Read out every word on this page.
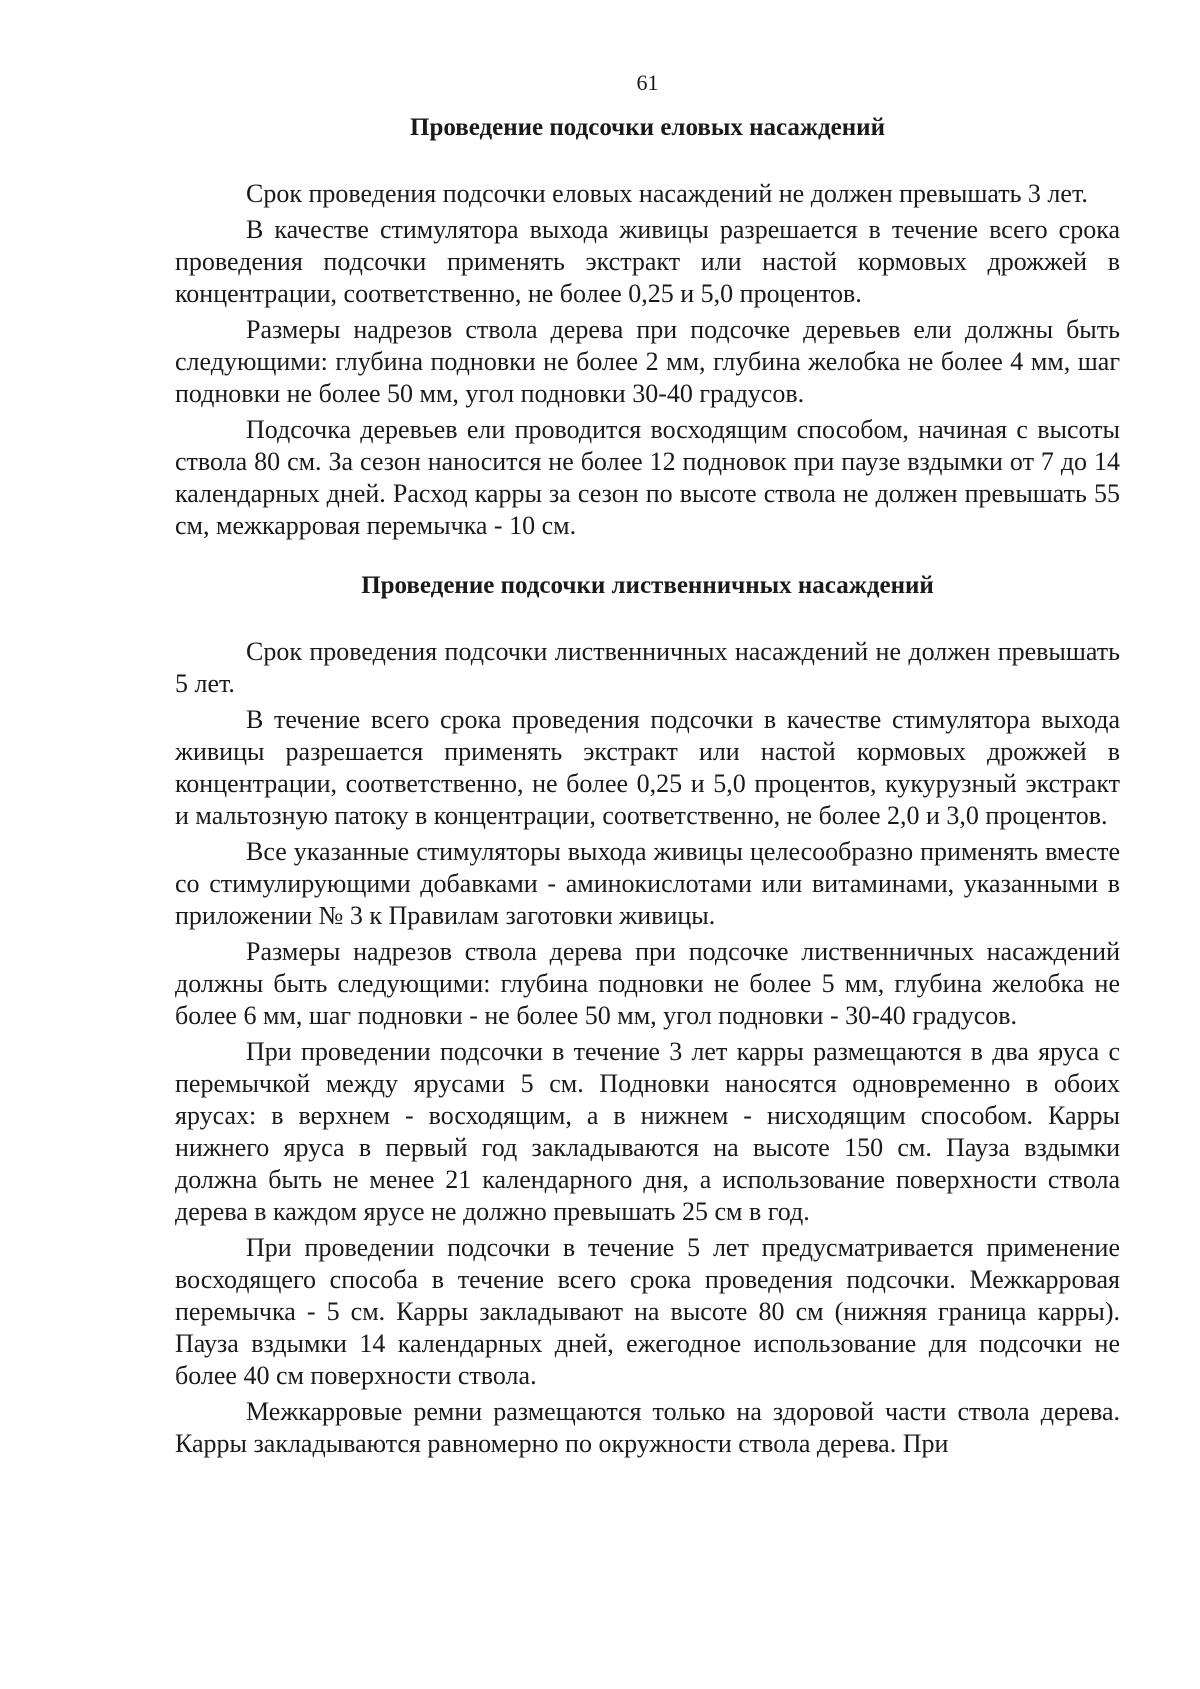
61
Проведение подсочки еловых насаждений

Срок проведения подсочки еловых насаждений не должен превышать 3 лет.

В качестве стимулятора выхода живицы разрешается в течение всего срока проведения подсочки применять экстракт или настой кормовых дрожжей в концентрации, соответственно, не более 0,25 и 5,0 процентов.

Размеры надрезов ствола дерева при подсочке деревьев ели должны быть следующими: глубина подновки не более 2 мм, глубина желобка не более 4 мм, шаг подновки не более 50 мм, угол подновки 30-40 градусов.

Подсочка деревьев ели проводится восходящим способом, начиная с высоты ствола 80 см. За сезон наносится не более 12 подновок при паузе вздымки от 7 до 14 календарных дней. Расход карры за сезон по высоте ствола не должен превышать 55 см, межкарровая перемычка - 10 см.

Проведение подсочки лиственничных насаждений

Срок проведения подсочки лиственничных насаждений не должен превышать 5 лет.

В течение всего срока проведения подсочки в качестве стимулятора выхода живицы разрешается применять экстракт или настой кормовых дрожжей в концентрации, соответственно, не более 0,25 и 5,0 процентов, кукурузный экстракт и мальтозную патоку в концентрации, соответственно, не более 2,0 и 3,0 процентов.

Все указанные стимуляторы выхода живицы целесообразно применять вместе со стимулирующими добавками - аминокислотами или витаминами, указанными в приложении № 3 к Правилам заготовки живицы.

Размеры надрезов ствола дерева при подсочке лиственничных насаждений должны быть следующими: глубина подновки не более 5 мм, глубина желобка не более 6 мм, шаг подновки - не более 50 мм, угол подновки - 30-40 градусов.

При проведении подсочки в течение 3 лет карры размещаются в два яруса с перемычкой между ярусами 5 см. Подновки наносятся одновременно в обоих ярусах: в верхнем - восходящим, а в нижнем - нисходящим способом. Карры нижнего яруса в первый год закладываются на высоте 150 см. Пауза вздымки должна быть не менее 21 календарного дня, а использование поверхности ствола дерева в каждом ярусе не должно превышать 25 см в год.

При проведении подсочки в течение 5 лет предусматривается применение восходящего способа в течение всего срока проведения подсочки. Межкарровая перемычка - 5 см. Карры закладывают на высоте 80 см (нижняя граница карры). Пауза вздымки 14 календарных дней, ежегодное использование для подсочки не более 40 см поверхности ствола.

Межкарровые ремни размещаются только на здоровой части ствола дерева. Карры закладываются равномерно по окружности ствола дерева. При
